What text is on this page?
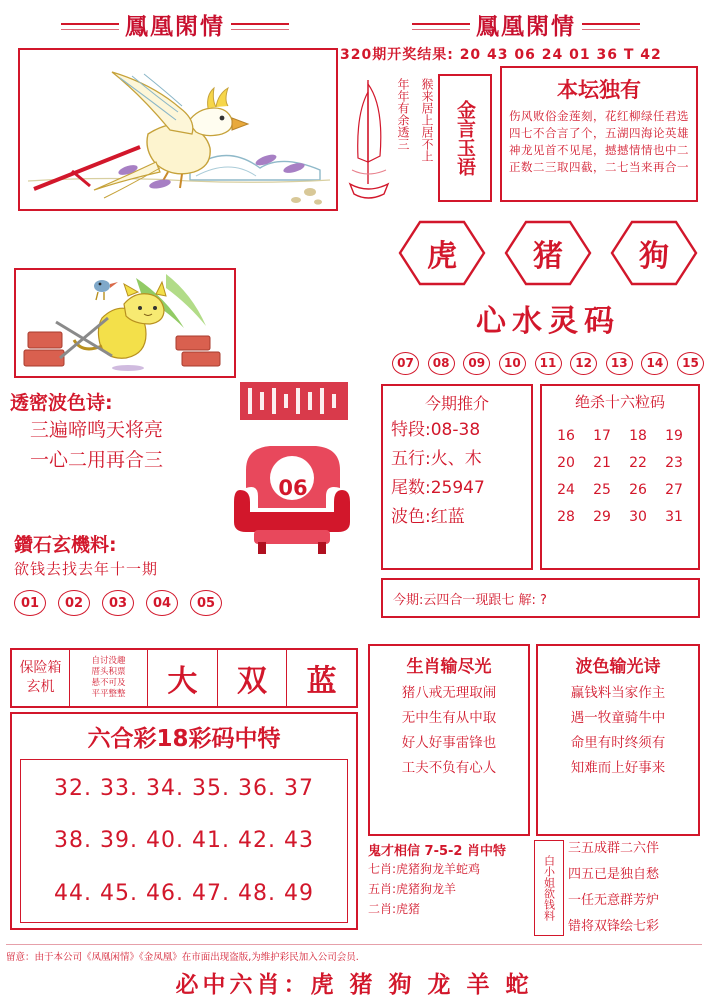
鳳凰閑情	鳳凰閑情
320期开奖结果: 20 43 06 24 01 36 T 42
年年有余透三 猴来居上居不上	金言玉语
本坛独有
伤风败俗金莲刻，花红柳绿任君选
四七不合言了个，五湖四海论英雄
神龙见首不见尾，撼撼情情也中二
正数二三取四截，二七当来再合一
虎	猪	狗
心水灵码
07	08	09	10	11	12	13	14	15
今期推介
特段:08-38
五行:火、木
尾数:25947
波色:红蓝
绝杀十六粒码
16	17	18	19
20	21	22	23
24	25	26	27
28	29	30	31
今期:云四合一现跟七 解: ?
透密波色诗:
三遍啼鸣天将亮
一心二用再合三
鑽石玄機料:
欲钱去找去年十一期
01	02	03	04	05
06
保险箱
玄机
自讨没趣
厝头积票
悬不可及
平平整整	大	双	蓝
六合彩18彩码中特
32. 33. 34. 35. 36. 37
38. 39. 40. 41. 42. 43
44. 45. 46. 47. 48. 49
生肖输尽光
猪八戒无理取闹
无中生有从中取
好人好事雷锋也
工夫不负有心人
波色输光诗
赢钱料当家作主
遇一牧童骑牛中
命里有时终须有
知难而上好事来
鬼才相信 7-5-2 肖中特
七肖:虎猪狗龙羊蛇鸡
五肖:虎猪狗龙羊
二肖:虎猪	白小姐欲钱料
三五成群二六伴
四五已是独自愁
一任无意群芳炉
错将双锋绘七彩
留意：由于本公司《凤凰闲情》《金凤凰》在市面出现盗版,为维护彩民加入公司会员.
必中六肖：虎 猪 狗 龙 羊 蛇
